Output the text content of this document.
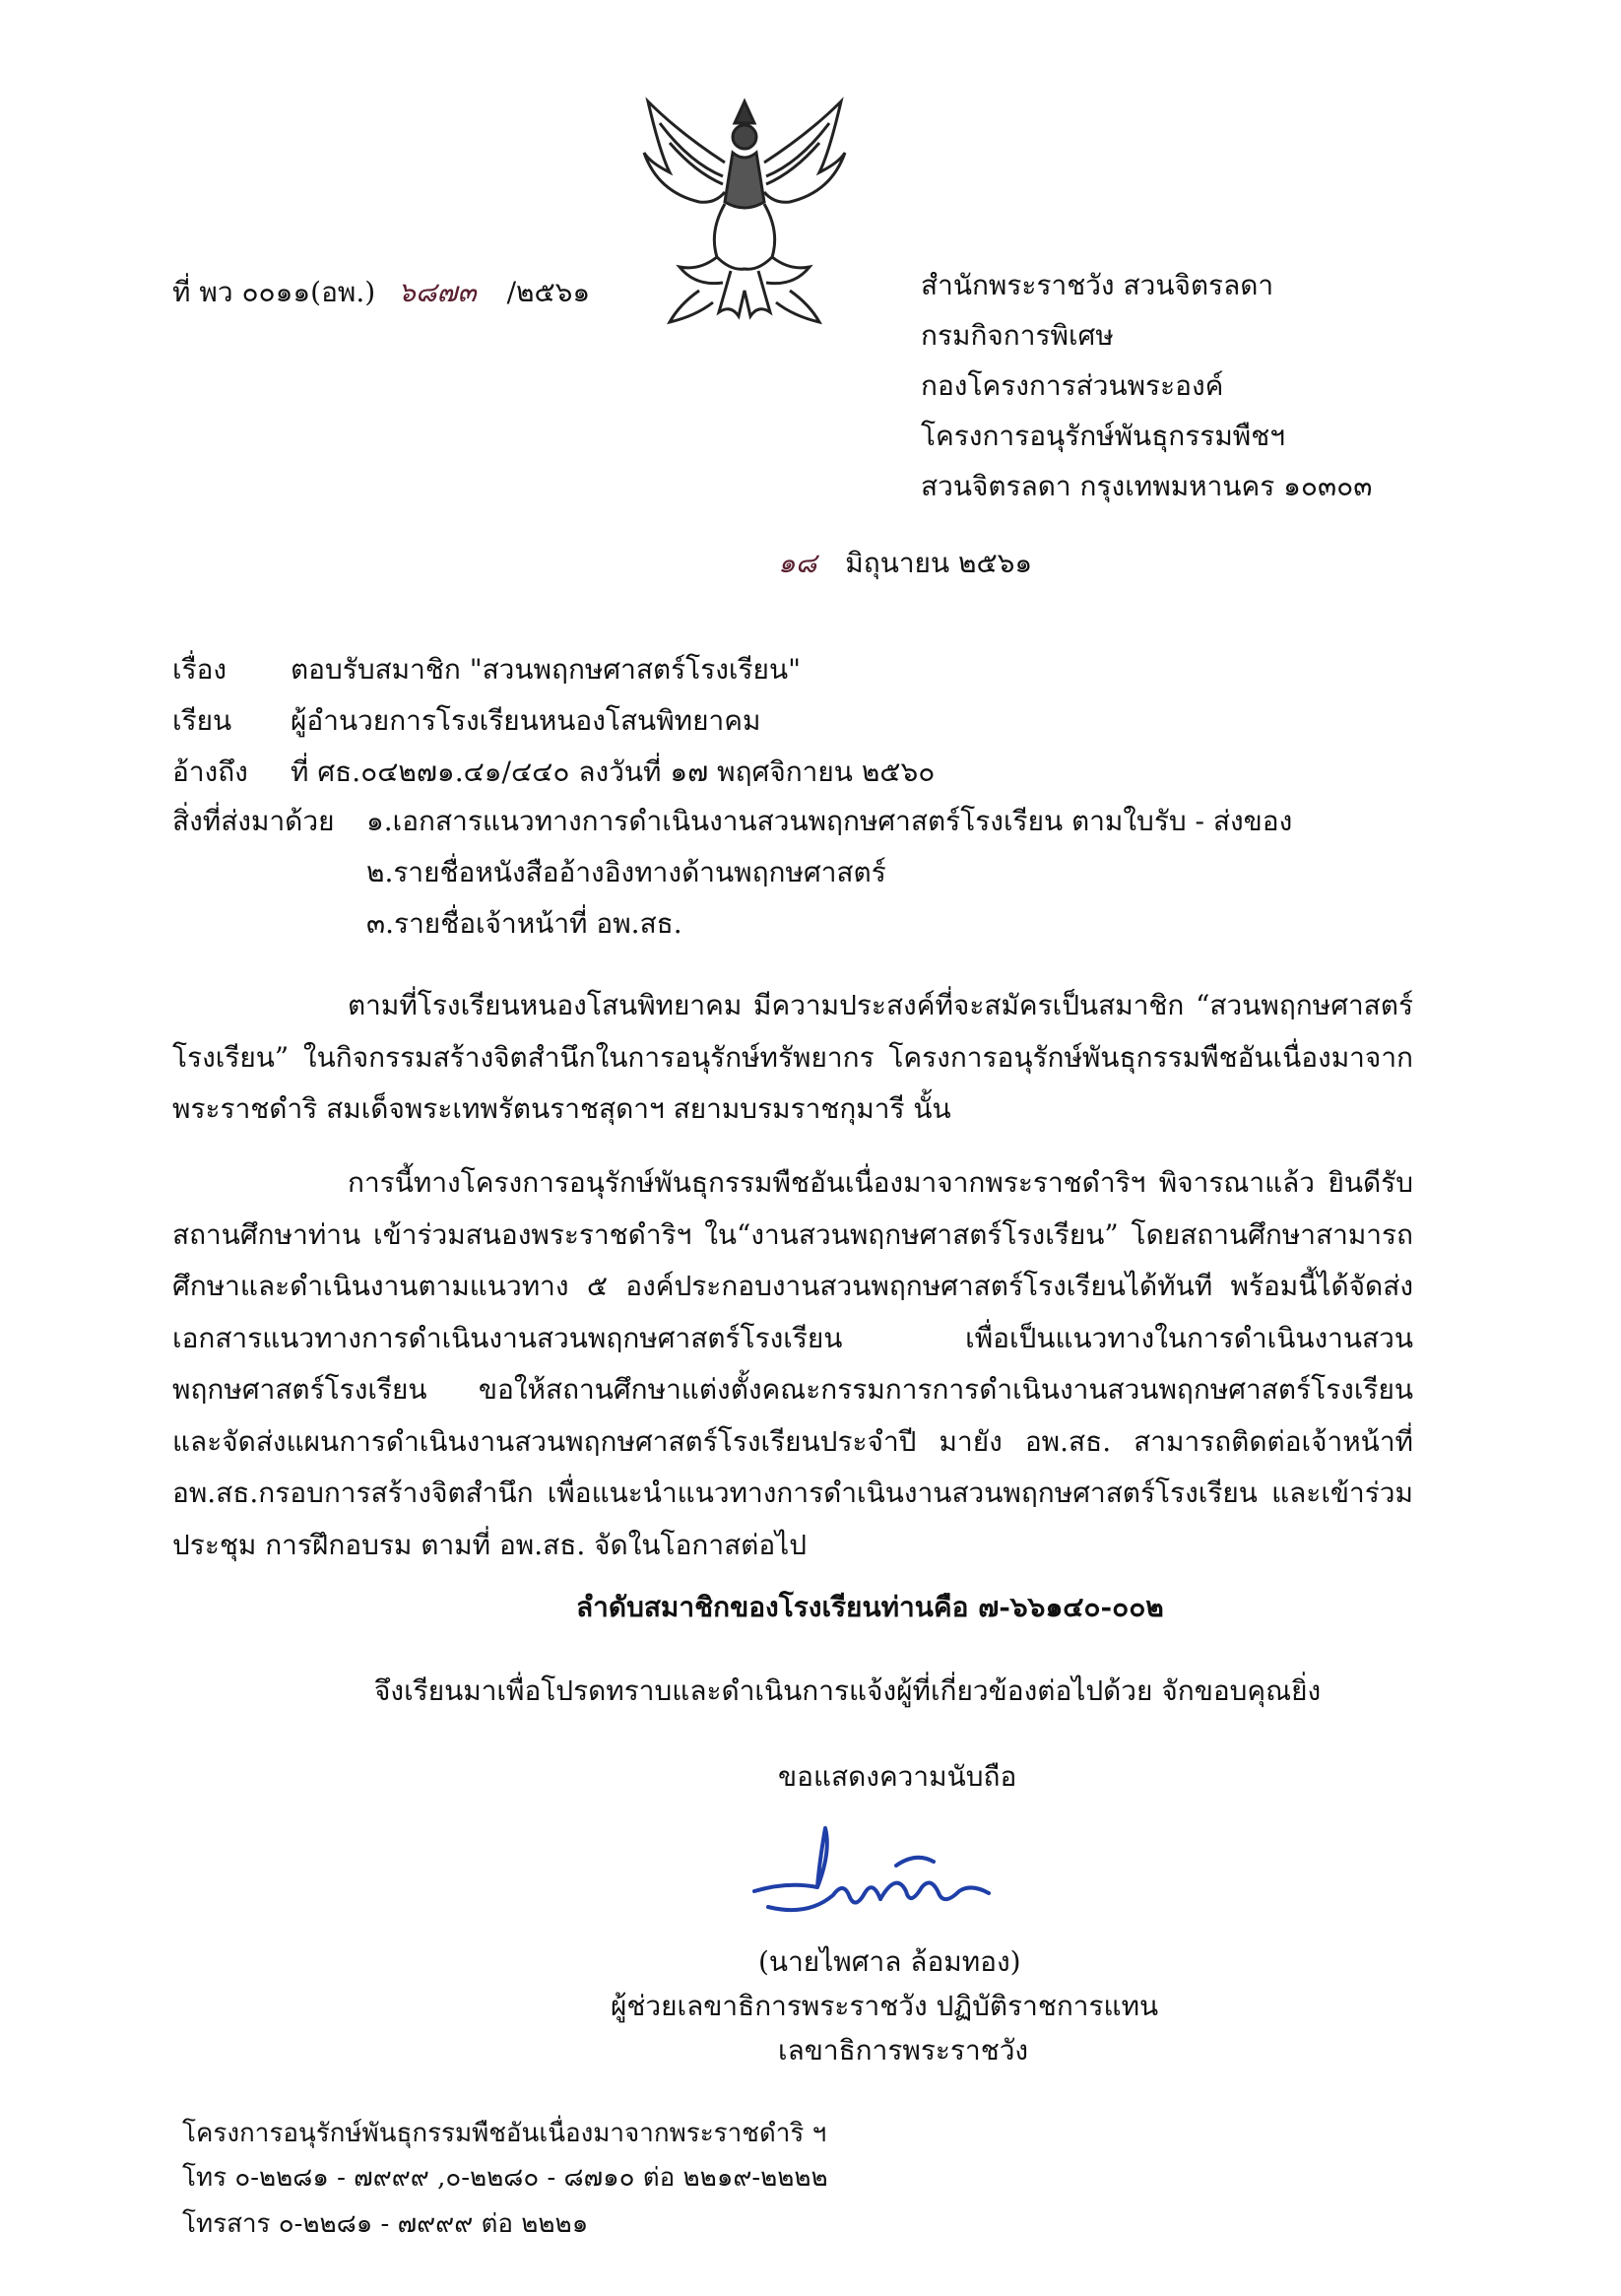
ที่ พว ๐๐๑๑(อพ.) ๖๘๗๓ /๒๕๖๑	สำนักพระราชวัง สวนจิตรลดา
กรมกิจการพิเศษ
กองโครงการส่วนพระองค์
โครงการอนุรักษ์พันธุกรรมพืชฯ
สวนจิตรลดา กรุงเทพมหานคร ๑๐๓๐๓
๑๘ มิถุนายน ๒๕๖๑
เรื่อง ตอบรับสมาชิก "สวนพฤกษศาสตร์โรงเรียน"
เรียน ผู้อำนวยการโรงเรียนหนองโสนพิทยาคม
อ้างถึง ที่ ศธ.๐๔๒๗๑.๔๑/๔๔๐ ลงวันที่ ๑๗ พฤศจิกายน ๒๕๖๐
สิ่งที่ส่งมาด้วย ๑.เอกสารแนวทางการดำเนินงานสวนพฤกษศาสตร์โรงเรียน ตามใบรับ - ส่งของ
๒.รายชื่อหนังสืออ้างอิงทางด้านพฤกษศาสตร์
๓.รายชื่อเจ้าหน้าที่ อพ.สธ.

ตามที่โรงเรียนหนองโสนพิทยาคม มีความประสงค์ที่จะสมัครเป็นสมาชิก “สวนพฤกษศาสตร์โรงเรียน” ในกิจกรรมสร้างจิตสำนึกในการอนุรักษ์ทรัพยากร โครงการอนุรักษ์พันธุกรรมพืชอันเนื่องมาจากพระราชดำริ สมเด็จพระเทพรัตนราชสุดาฯ สยามบรมราชกุมารี นั้น

การนี้ทางโครงการอนุรักษ์พันธุกรรมพืชอันเนื่องมาจากพระราชดำริฯ พิจารณาแล้ว ยินดีรับสถานศึกษาท่าน เข้าร่วมสนองพระราชดำริฯ ใน“งานสวนพฤกษศาสตร์โรงเรียน” โดยสถานศึกษาสามารถศึกษาและดำเนินงานตามแนวทาง ๕ องค์ประกอบงานสวนพฤกษศาสตร์โรงเรียนได้ทันที พร้อมนี้ได้จัดส่งเอกสารแนวทางการดำเนินงานสวนพฤกษศาสตร์โรงเรียน เพื่อเป็นแนวทางในการดำเนินงานสวนพฤกษศาสตร์โรงเรียน ขอให้สถานศึกษาแต่งตั้งคณะกรรมการการดำเนินงานสวนพฤกษศาสตร์โรงเรียน และจัดส่งแผนการดำเนินงานสวนพฤกษศาสตร์โรงเรียนประจำปี มายัง อพ.สธ. สามารถติดต่อเจ้าหน้าที่ อพ.สธ.กรอบการสร้างจิตสำนึก เพื่อแนะนำแนวทางการดำเนินงานสวนพฤกษศาสตร์โรงเรียน และเข้าร่วมประชุม การฝึกอบรม ตามที่ อพ.สธ. จัดในโอกาสต่อไป

ลำดับสมาชิกของโรงเรียนท่านคือ ๗-๖๖๑๔๐-๐๐๒
จึงเรียนมาเพื่อโปรดทราบและดำเนินการแจ้งผู้ที่เกี่ยวข้องต่อไปด้วย จักขอบคุณยิ่ง
ขอแสดงความนับถือ
(นายไพศาล ล้อมทอง)
ผู้ช่วยเลขาธิการพระราชวัง ปฏิบัติราชการแทน
เลขาธิการพระราชวัง
โครงการอนุรักษ์พันธุกรรมพืชอันเนื่องมาจากพระราชดำริ ฯ
โทร ๐-๒๒๘๑ - ๗๙๙๙ ,๐-๒๒๘๐ - ๘๗๑๐ ต่อ ๒๒๑๙-๒๒๒๒
โทรสาร ๐-๒๒๘๑ - ๗๙๙๙ ต่อ ๒๒๒๑
